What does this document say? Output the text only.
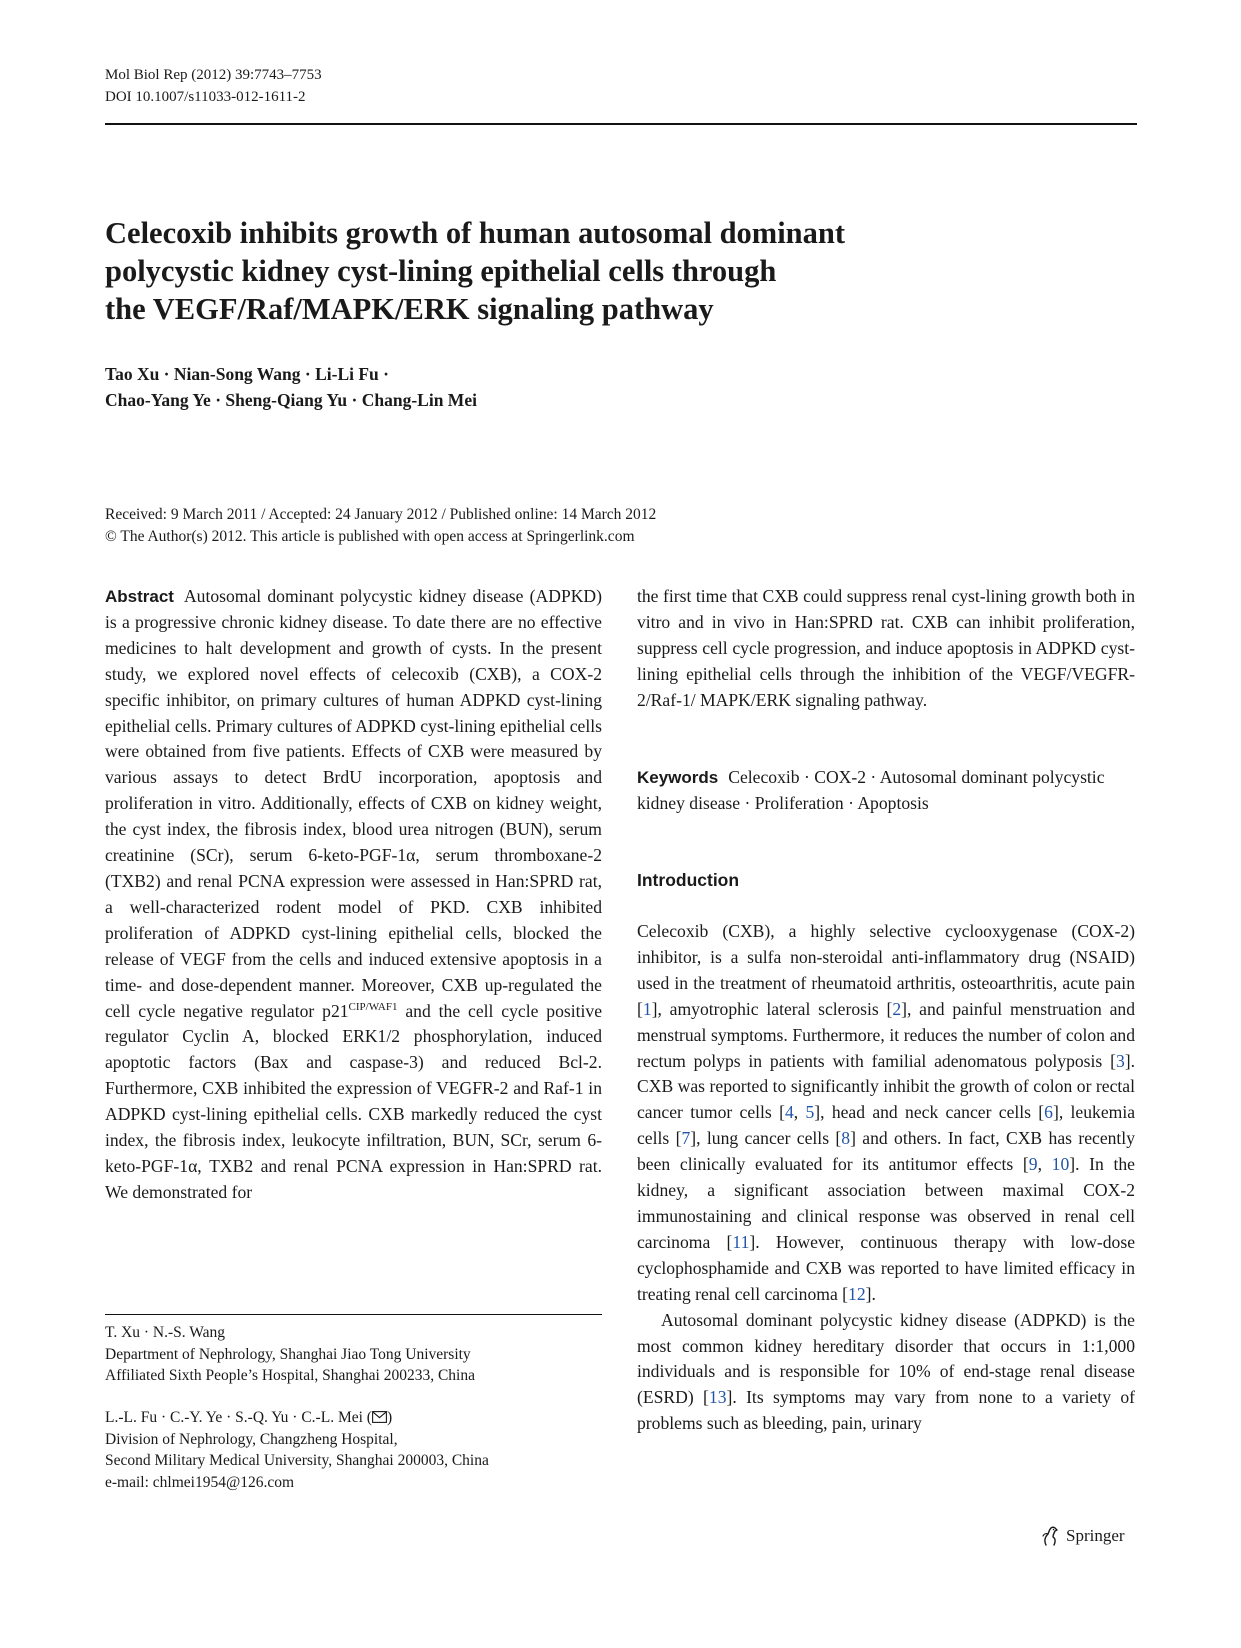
Mol Biol Rep (2012) 39:7743–7753
DOI 10.1007/s11033-012-1611-2
Celecoxib inhibits growth of human autosomal dominant
polycystic kidney cyst-lining epithelial cells through
the VEGF/Raf/MAPK/ERK signaling pathway
Tao Xu · Nian-Song Wang · Li-Li Fu ·
Chao-Yang Ye · Sheng-Qiang Yu · Chang-Lin Mei
Received: 9 March 2011 / Accepted: 24 January 2012 / Published online: 14 March 2012
© The Author(s) 2012. This article is published with open access at Springerlink.com

Abstract Autosomal dominant polycystic kidney disease (ADPKD) is a progressive chronic kidney disease. To date there are no effective medicines to halt development and growth of cysts. In the present study, we explored novel effects of celecoxib (CXB), a COX-2 specific inhibitor, on primary cultures of human ADPKD cyst-lining epithelial cells. Primary cultures of ADPKD cyst-lining epithelial cells were obtained from five patients. Effects of CXB were measured by various assays to detect BrdU incorporation, apoptosis and proliferation in vitro. Additionally, effects of CXB on kidney weight, the cyst index, the fibrosis index, blood urea nitrogen (BUN), serum creatinine (SCr), serum 6-keto-PGF-1α, serum thromboxane-2 (TXB2) and renal PCNA expression were assessed in Han:SPRD rat, a well-characterized rodent model of PKD. CXB inhibited proliferation of ADPKD cyst-lining epithelial cells, blocked the release of VEGF from the cells and induced extensive apoptosis in a time- and dose-dependent manner. Moreover, CXB up-regulated the cell cycle negative regulator $p21^{CIP/WAF1}$ and the cell cycle positive regulator Cyclin A, blocked ERK1/2 phosphorylation, induced apoptotic factors (Bax and caspase-3) and reduced Bcl-2. Furthermore, CXB inhibited the expression of VEGFR-2 and Raf-1 in ADPKD cyst-lining epithelial cells. CXB markedly reduced the cyst index, the fibrosis index, leukocyte infiltration, BUN, SCr, serum 6-keto-PGF-1α, TXB2 and renal PCNA expression in Han:SPRD rat. We demonstrated for

the first time that CXB could suppress renal cyst-lining growth both in vitro and in vivo in Han:SPRD rat. CXB can inhibit proliferation, suppress cell cycle progression, and induce apoptosis in ADPKD cyst-lining epithelial cells through the inhibition of the VEGF/VEGFR-2/Raf-1/ MAPK/ERK signaling pathway.

Keywords Celecoxib · COX-2 · Autosomal dominant polycystic kidney disease · Proliferation · Apoptosis
Introduction

Celecoxib (CXB), a highly selective cyclooxygenase (COX-2) inhibitor, is a sulfa non-steroidal anti-inflammatory drug (NSAID) used in the treatment of rheumatoid arthritis, osteoarthritis, acute pain [1], amyotrophic lateral sclerosis [2], and painful menstruation and menstrual symptoms. Furthermore, it reduces the number of colon and rectum polyps in patients with familial adenomatous polyposis [3]. CXB was reported to significantly inhibit the growth of colon or rectal cancer tumor cells [4, 5], head and neck cancer cells [6], leukemia cells [7], lung cancer cells [8] and others. In fact, CXB has recently been clinically evaluated for its antitumor effects [9, 10]. In the kidney, a significant association between maximal COX-2 immunostaining and clinical response was observed in renal cell carcinoma [11]. However, continuous therapy with low-dose cyclophosphamide and CXB was reported to have limited efficacy in treating renal cell carcinoma [12].

Autosomal dominant polycystic kidney disease (ADPKD) is the most common kidney hereditary disorder that occurs in 1:1,000 individuals and is responsible for 10% of end-stage renal disease (ESRD) [13]. Its symptoms may vary from none to a variety of problems such as bleeding, pain, urinary

T. Xu · N.-S. Wang
Department of Nephrology, Shanghai Jiao Tong University
Affiliated Sixth People’s Hospital, Shanghai 200233, China
L.-L. Fu · C.-Y. Ye · S.-Q. Yu · C.-L. Mei ( )
Division of Nephrology, Changzheng Hospital,
Second Military Medical University, Shanghai 200003, China
e-mail: chlmei1954@126.com
Springer
